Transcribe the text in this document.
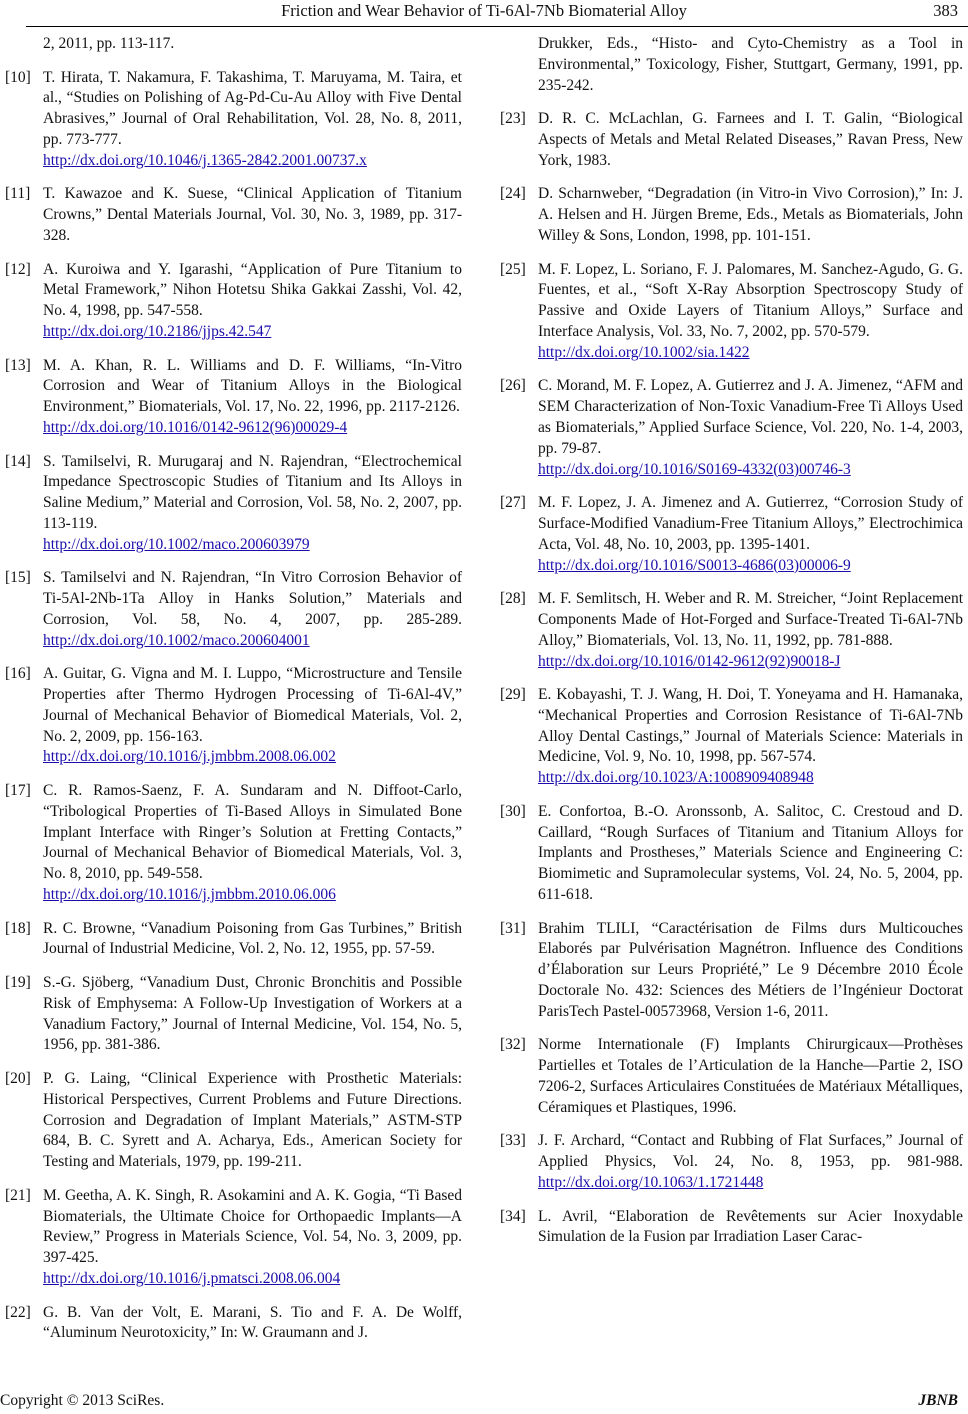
Friction and Wear Behavior of Ti-6Al-7Nb Biomaterial Alloy	383
2, 2011, pp. 113-117.
[10] T. Hirata, T. Nakamura, F. Takashima, T. Maruyama, M. Taira, et al., “Studies on Polishing of Ag-Pd-Cu-Au Alloy with Five Dental Abrasives,” Journal of Oral Rehabilitation, Vol. 28, No. 8, 2011, pp. 773-777.
http://dx.doi.org/10.1046/j.1365-2842.2001.00737.x
[11] T. Kawazoe and K. Suese, “Clinical Application of Titanium Crowns,” Dental Materials Journal, Vol. 30, No. 3, 1989, pp. 317-328.
[12] A. Kuroiwa and Y. Igarashi, “Application of Pure Titanium to Metal Framework,” Nihon Hotetsu Shika Gakkai Zasshi, Vol. 42, No. 4, 1998, pp. 547-558.
http://dx.doi.org/10.2186/jjps.42.547
[13] M. A. Khan, R. L. Williams and D. F. Williams, “In-Vitro Corrosion and Wear of Titanium Alloys in the Biological Environment,” Biomaterials, Vol. 17, No. 22, 1996, pp. 2117-2126.
http://dx.doi.org/10.1016/0142-9612(96)00029-4
[14] S. Tamilselvi, R. Murugaraj and N. Rajendran, “Electrochemical Impedance Spectroscopic Studies of Titanium and Its Alloys in Saline Medium,” Material and Corrosion, Vol. 58, No. 2, 2007, pp. 113-119.
http://dx.doi.org/10.1002/maco.200603979
[15] S. Tamilselvi and N. Rajendran, “In Vitro Corrosion Behavior of Ti-5Al-2Nb-1Ta Alloy in Hanks Solution,” Materials and Corrosion, Vol. 58, No. 4, 2007, pp. 285-289. http://dx.doi.org/10.1002/maco.200604001
[16] A. Guitar, G. Vigna and M. I. Luppo, “Microstructure and Tensile Properties after Thermo Hydrogen Processing of Ti-6Al-4V,” Journal of Mechanical Behavior of Biomedical Materials, Vol. 2, No. 2, 2009, pp. 156-163.
http://dx.doi.org/10.1016/j.jmbbm.2008.06.002
[17] C. R. Ramos-Saenz, F. A. Sundaram and N. Diffoot-Carlo, “Tribological Properties of Ti-Based Alloys in Simulated Bone Implant Interface with Ringer’s Solution at Fretting Contacts,” Journal of Mechanical Behavior of Biomedical Materials, Vol. 3, No. 8, 2010, pp. 549-558.
http://dx.doi.org/10.1016/j.jmbbm.2010.06.006
[18] R. C. Browne, “Vanadium Poisoning from Gas Turbines,” British Journal of Industrial Medicine, Vol. 2, No. 12, 1955, pp. 57-59.
[19] S.-G. Sjöberg, “Vanadium Dust, Chronic Bronchitis and Possible Risk of Emphysema: A Follow-Up Investigation of Workers at a Vanadium Factory,” Journal of Internal Medicine, Vol. 154, No. 5, 1956, pp. 381-386.
[20] P. G. Laing, “Clinical Experience with Prosthetic Materials: Historical Perspectives, Current Problems and Future Directions. Corrosion and Degradation of Implant Materials,” ASTM-STP 684, B. C. Syrett and A. Acharya, Eds., American Society for Testing and Materials, 1979, pp. 199-211.
[21] M. Geetha, A. K. Singh, R. Asokamini and A. K. Gogia, “Ti Based Biomaterials, the Ultimate Choice for Orthopaedic Implants—A Review,” Progress in Materials Science, Vol. 54, No. 3, 2009, pp. 397-425.
http://dx.doi.org/10.1016/j.pmatsci.2008.06.004
[22] G. B. Van der Volt, E. Marani, S. Tio and F. A. De Wolff, “Aluminum Neurotoxicity,” In: W. Graumann and J.
Drukker, Eds., “Histo- and Cyto-Chemistry as a Tool in Environmental,” Toxicology, Fisher, Stuttgart, Germany, 1991, pp. 235-242.
[23] D. R. C. McLachlan, G. Farnees and I. T. Galin, “Biological Aspects of Metals and Metal Related Diseases,” Ravan Press, New York, 1983.
[24] D. Scharnweber, “Degradation (in Vitro-in Vivo Corrosion),” In: J. A. Helsen and H. Jürgen Breme, Eds., Metals as Biomaterials, John Willey & Sons, London, 1998, pp. 101-151.
[25] M. F. Lopez, L. Soriano, F. J. Palomares, M. Sanchez-Agudo, G. G. Fuentes, et al., “Soft X-Ray Absorption Spectroscopy Study of Passive and Oxide Layers of Titanium Alloys,” Surface and Interface Analysis, Vol. 33, No. 7, 2002, pp. 570-579.
http://dx.doi.org/10.1002/sia.1422
[26] C. Morand, M. F. Lopez, A. Gutierrez and J. A. Jimenez, “AFM and SEM Characterization of Non-Toxic Vanadium-Free Ti Alloys Used as Biomaterials,” Applied Surface Science, Vol. 220, No. 1-4, 2003, pp. 79-87.
http://dx.doi.org/10.1016/S0169-4332(03)00746-3
[27] M. F. Lopez, J. A. Jimenez and A. Gutierrez, “Corrosion Study of Surface-Modified Vanadium-Free Titanium Alloys,” Electrochimica Acta, Vol. 48, No. 10, 2003, pp. 1395-1401.
http://dx.doi.org/10.1016/S0013-4686(03)00006-9
[28] M. F. Semlitsch, H. Weber and R. M. Streicher, “Joint Replacement Components Made of Hot-Forged and Surface-Treated Ti-6Al-7Nb Alloy,” Biomaterials, Vol. 13, No. 11, 1992, pp. 781-888.
http://dx.doi.org/10.1016/0142-9612(92)90018-J
[29] E. Kobayashi, T. J. Wang, H. Doi, T. Yoneyama and H. Hamanaka, “Mechanical Properties and Corrosion Resistance of Ti-6Al-7Nb Alloy Dental Castings,” Journal of Materials Science: Materials in Medicine, Vol. 9, No. 10, 1998, pp. 567-574.
http://dx.doi.org/10.1023/A:1008909408948
[30] E. Confortoa, B.-O. Aronssonb, A. Salitoc, C. Crestoud and D. Caillard, “Rough Surfaces of Titanium and Titanium Alloys for Implants and Prostheses,” Materials Science and Engineering C: Biomimetic and Supramolecular systems, Vol. 24, No. 5, 2004, pp. 611-618.
[31] Brahim TLILI, “Caractérisation de Films durs Multicouches Elaborés par Pulvérisation Magnétron. Influence des Conditions d’Élaboration sur Leurs Propriété,” Le 9 Décembre 2010 École Doctorale No. 432: Sciences des Métiers de l’Ingénieur Doctorat ParisTech Pastel-00573968, Version 1-6, 2011.
[32] Norme Internationale (F) Implants Chirurgicaux—Prothèses Partielles et Totales de l’Articulation de la Hanche—Partie 2, ISO 7206-2, Surfaces Articulaires Constituées de Matériaux Métalliques, Céramiques et Plastiques, 1996.
[33] J. F. Archard, “Contact and Rubbing of Flat Surfaces,” Journal of Applied Physics, Vol. 24, No. 8, 1953, pp. 981-988. http://dx.doi.org/10.1063/1.1721448
[34] L. Avril, “Elaboration de Revêtements sur Acier Inoxydable Simulation de la Fusion par Irradiation Laser Carac-
Copyright © 2013 SciRes.	JBNB
